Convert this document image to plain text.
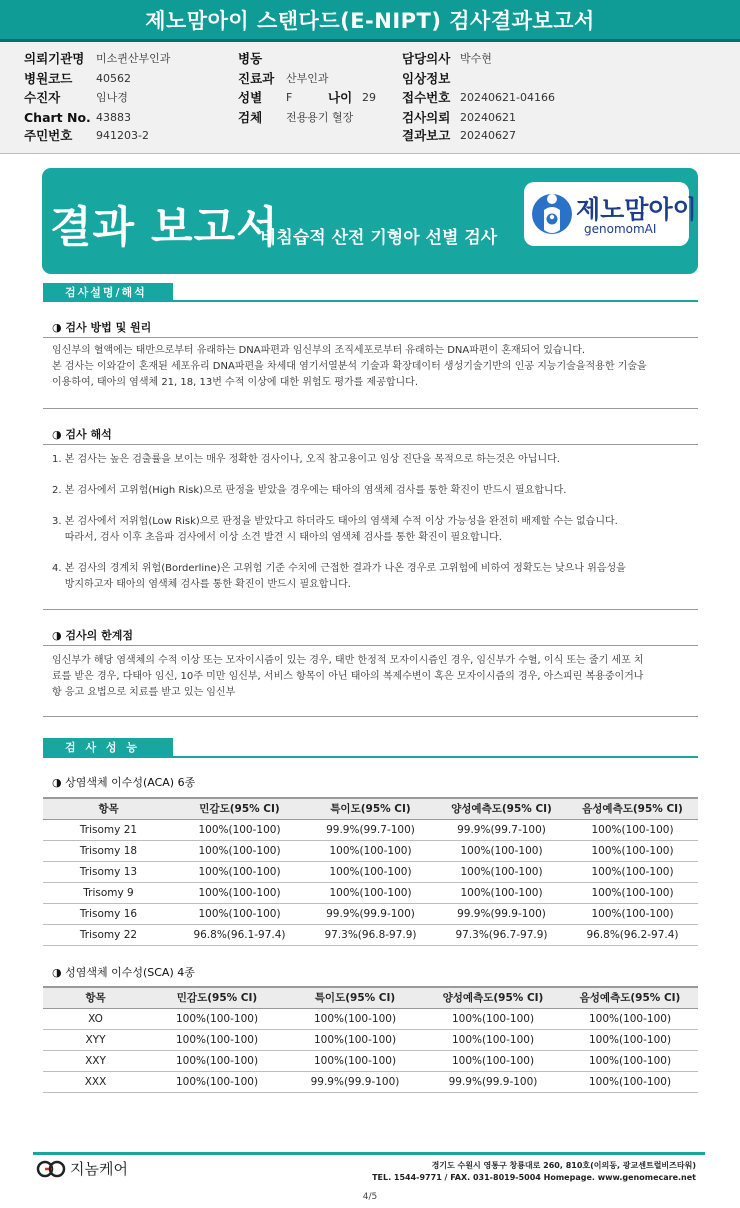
제노맘아이 스탠다드(E-NIPT) 검사결과보고서
의뢰기관명	미소퀸산부인과
병원코드	40562
수진자	임나경
Chart No. 43883
주민번호	941203-2
병동
진료과	산부인과
성별	F	나이 29
검체	전용용기 혈장
담당의사 박수현
임상정보
접수번호 20240621-04166
검사의뢰 20240621
결과보고 20240627
결과 보고서
비침습적 산전 기형아 선별 검사
제노맘아이
genomomAI
검사설명/해석
◑ 검사 방법 및 원리
임신부의 혈액에는 태반으로부터 유래하는 DNA파편과 임신부의 조직세포로부터 유래하는 DNA파편이 혼재되어 있습니다.
본 검사는 이와같이 혼재된 세포유리 DNA파편을 차세대 염기서열분석 기술과 확장데이터 생성기술기반의 인공 지능기술을적용한 기술을
이용하여, 태아의 염색체 21, 18, 13번 수적 이상에 대한 위험도 평가를 제공합니다.
◑ 검사 해석
1. 본 검사는 높은 검출률을 보이는 매우 정확한 검사이나, 오직 참고용이고 임상 진단을 목적으로 하는것은 아닙니다.
2. 본 검사에서 고위험(High Risk)으로 판정을 받았을 경우에는 태아의 염색체 검사를 통한 확진이 반드시 필요합니다.
3. 본 검사에서 저위험(Low Risk)으로 판정을 받았다고 하더라도 태아의 염색체 수적 이상 가능성을 완전히 배제할 수는 없습니다.
따라서, 검사 이후 초음파 검사에서 이상 소견 발견 시 태아의 염색체 검사를 통한 확진이 필요합니다.
4. 본 검사의 경계치 위험(Borderline)은 고위험 기준 수치에 근접한 결과가 나온 경우로 고위험에 비하여 정확도는 낮으나 위음성을
방지하고자 태아의 염색체 검사를 통한 확진이 반드시 필요합니다.
◑ 검사의 한계점
임신부가 해당 염색체의 수적 이상 또는 모자이시즘이 있는 경우, 태반 한정적 모자이시즘인 경우, 임신부가 수혈, 이식 또는 줄기 세포 치
료를 받은 경우, 다태아 임신, 10주 미만 임신부, 서비스 항목이 아닌 태아의 복제수변이 혹은 모자이시즘의 경우, 아스피린 복용중이거나
항 응고 요법으로 치료를 받고 있는 임신부
검 사 성 능
◑ 상염색체 이수성(ACA) 6종
항목	민감도(95% CI)	특이도(95% CI)	양성예측도(95% CI)	음성예측도(95% CI)
Trisomy 21	100%(100-100)	99.9%(99.7-100)	99.9%(99.7-100)	100%(100-100)
Trisomy 18	100%(100-100)	100%(100-100)	100%(100-100)	100%(100-100)
Trisomy 13	100%(100-100)	100%(100-100)	100%(100-100)	100%(100-100)
Trisomy 9	100%(100-100)	100%(100-100)	100%(100-100)	100%(100-100)
Trisomy 16	100%(100-100)	99.9%(99.9-100)	99.9%(99.9-100)	100%(100-100)
Trisomy 22	96.8%(96.1-97.4)	97.3%(96.8-97.9)	97.3%(96.7-97.9)	96.8%(96.2-97.4)
◑ 성염색체 이수성(SCA) 4종
항목	민감도(95% CI)	특이도(95% CI)	양성예측도(95% CI)	음성예측도(95% CI)
XO	100%(100-100)	100%(100-100)	100%(100-100)	100%(100-100)
XYY	100%(100-100)	100%(100-100)	100%(100-100)	100%(100-100)
XXY	100%(100-100)	100%(100-100)	100%(100-100)	100%(100-100)
XXX	100%(100-100)	99.9%(99.9-100)	99.9%(99.9-100)	100%(100-100)
지놈케어	경기도 수원시 영통구 창룡대로 260, 810호(이의동, 광교센트럴비즈타워)
TEL. 1544-9771 / FAX. 031-8019-5004 Homepage. www.genomecare.net
4/5
